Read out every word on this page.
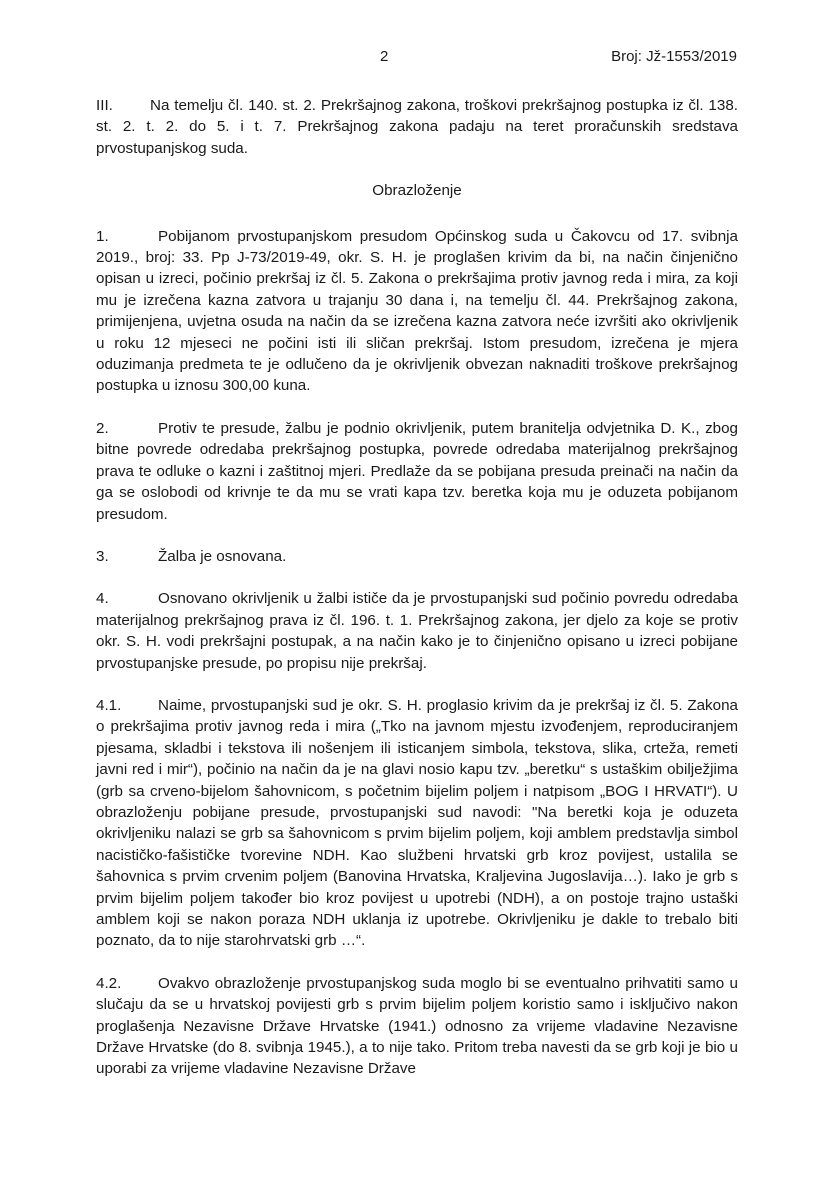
2	Broj: Jž-1553/2019

III. Na temelju čl. 140. st. 2. Prekršajnog zakona, troškovi prekršajnog postupka iz čl. 138. st. 2. t. 2. do 5. i t. 7. Prekršajnog zakona padaju na teret proračunskih sredstava prvostupanjskog suda.

Obrazloženje

1.	Pobijanom prvostupanjskom presudom Općinskog suda u Čakovcu od 17. svibnja 2019., broj: 33. Pp J-73/2019-49, okr. S. H. je proglašen krivim da bi, na način činjenično opisan u izreci, počinio prekršaj iz čl. 5. Zakona o prekršajima protiv javnog reda i mira, za koji mu je izrečena kazna zatvora u trajanju 30 dana i, na temelju čl. 44. Prekršajnog zakona, primijenjena, uvjetna osuda na način da se izrečena kazna zatvora neće izvršiti ako okrivljenik u roku 12 mjeseci ne počini isti ili sličan prekršaj. Istom presudom, izrečena je mjera oduzimanja predmeta te je odlučeno da je okrivljenik obvezan naknaditi troškove prekršajnog postupka u iznosu 300,00 kuna.

2.	Protiv te presude, žalbu je podnio okrivljenik, putem branitelja odvjetnika D. K., zbog bitne povrede odredaba prekršajnog postupka, povrede odredaba materijalnog prekršajnog prava te odluke o kazni i zaštitnoj mjeri. Predlaže da se pobijana presuda preinači na način da ga se oslobodi od krivnje te da mu se vrati kapa tzv. beretka koja mu je oduzeta pobijanom presudom.

3.	Žalba je osnovana.

4.	Osnovano okrivljenik u žalbi ističe da je prvostupanjski sud počinio povredu odredaba materijalnog prekršajnog prava iz čl. 196. t. 1. Prekršajnog zakona, jer djelo za koje se protiv okr. S. H. vodi prekršajni postupak, a na način kako je to činjenično opisano u izreci pobijane prvostupanjske presude, po propisu nije prekršaj.

4.1. Naime, prvostupanjski sud je okr. S. H. proglasio krivim da je prekršaj iz čl. 5. Zakona o prekršajima protiv javnog reda i mira („Tko na javnom mjestu izvođenjem, reproduciranjem pjesama, skladbi i tekstova ili nošenjem ili isticanjem simbola, tekstova, slika, crteža, remeti javni red i mir“), počinio na način da je na glavi nosio kapu tzv. „beretku“ s ustaškim obilježjima (grb sa crveno-bijelom šahovnicom, s početnim bijelim poljem i natpisom „BOG I HRVATI“). U obrazloženju pobijane presude, prvostupanjski sud navodi: "Na beretki koja je oduzeta okrivljeniku nalazi se grb sa šahovnicom s prvim bijelim poljem, koji amblem predstavlja simbol nacističko-fašističke tvorevine NDH. Kao službeni hrvatski grb kroz povijest, ustalila se šahovnica s prvim crvenim poljem (Banovina Hrvatska, Kraljevina Jugoslavija…). Iako je grb s prvim bijelim poljem također bio kroz povijest u upotrebi (NDH), a on postoje trajno ustaški amblem koji se nakon poraza NDH uklanja iz upotrebe. Okrivljeniku je dakle to trebalo biti poznato, da to nije starohrvatski grb …“.

4.2. Ovakvo obrazloženje prvostupanjskog suda moglo bi se eventualno prihvatiti samo u slučaju da se u hrvatskoj povijesti grb s prvim bijelim poljem koristio samo i isključivo nakon proglašenja Nezavisne Države Hrvatske (1941.) odnosno za vrijeme vladavine Nezavisne Države Hrvatske (do 8. svibnja 1945.), a to nije tako. Pritom treba navesti da se grb koji je bio u uporabi za vrijeme vladavine Nezavisne Države
